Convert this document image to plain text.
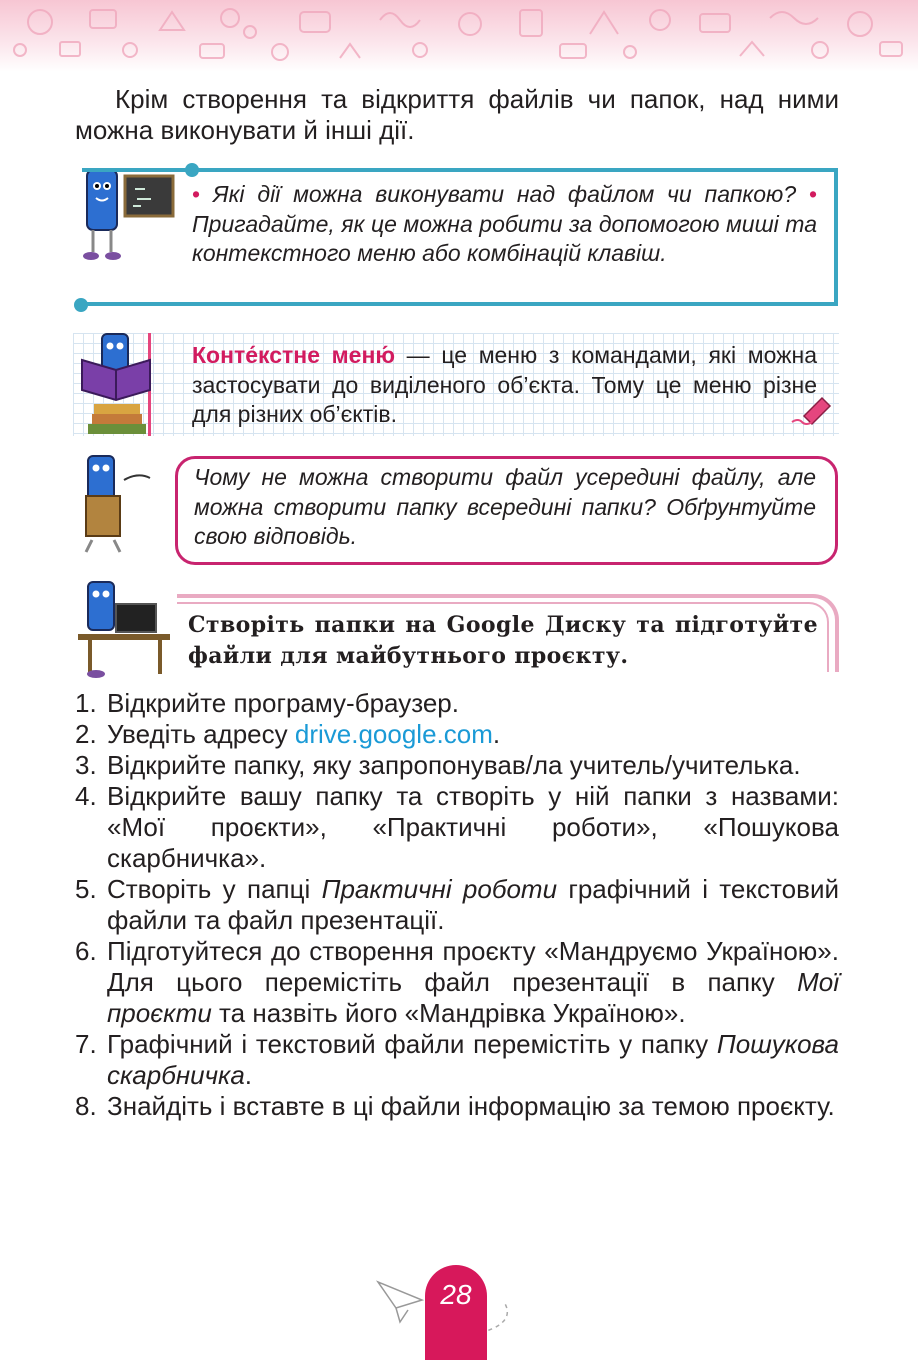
Крім створення та відкриття файлів чи папок, над ними можна виконувати й інші дії.
• Які дії можна виконувати над файлом чи папкою? • Пригадайте, як це можна робити за допомогою миші та контекстного меню або комбінацій клавіш.
Конте́кстне меню́ — це меню з командами, які можна застосувати до виділеного об’єкта. Тому це меню різне для різних об’єктів.
Чому не можна створити файл усередині файлу, але можна створити папку всередині папки? Обґрунтуйте свою відповідь.
Створіть папки на Google Диску та підготуйте файли для майбутнього проєкту.
1. Відкрийте програму-браузер.
2. Уведіть адресу drive.google.com.
3. Відкрийте папку, яку запропонував/ла учитель/учителька.
4. Відкрийте вашу папку та створіть у ній папки з назвами: «Мої проєкти», «Практичні роботи», «Пошукова скарбничка».
5. Створіть у папці Практичні роботи графічний і текстовий файли та файл презентації.
6. Підготуйтеся до створення проєкту «Мандруємо Україною». Для цього перемістіть файл презентації в папку Мої проєкти та назвіть його «Мандрівка Україною».
7. Графічний і текстовий файли перемістіть у папку Пошукова скарбничка.
8. Знайдіть і вставте в ці файли інформацію за темою проєкту.
28
